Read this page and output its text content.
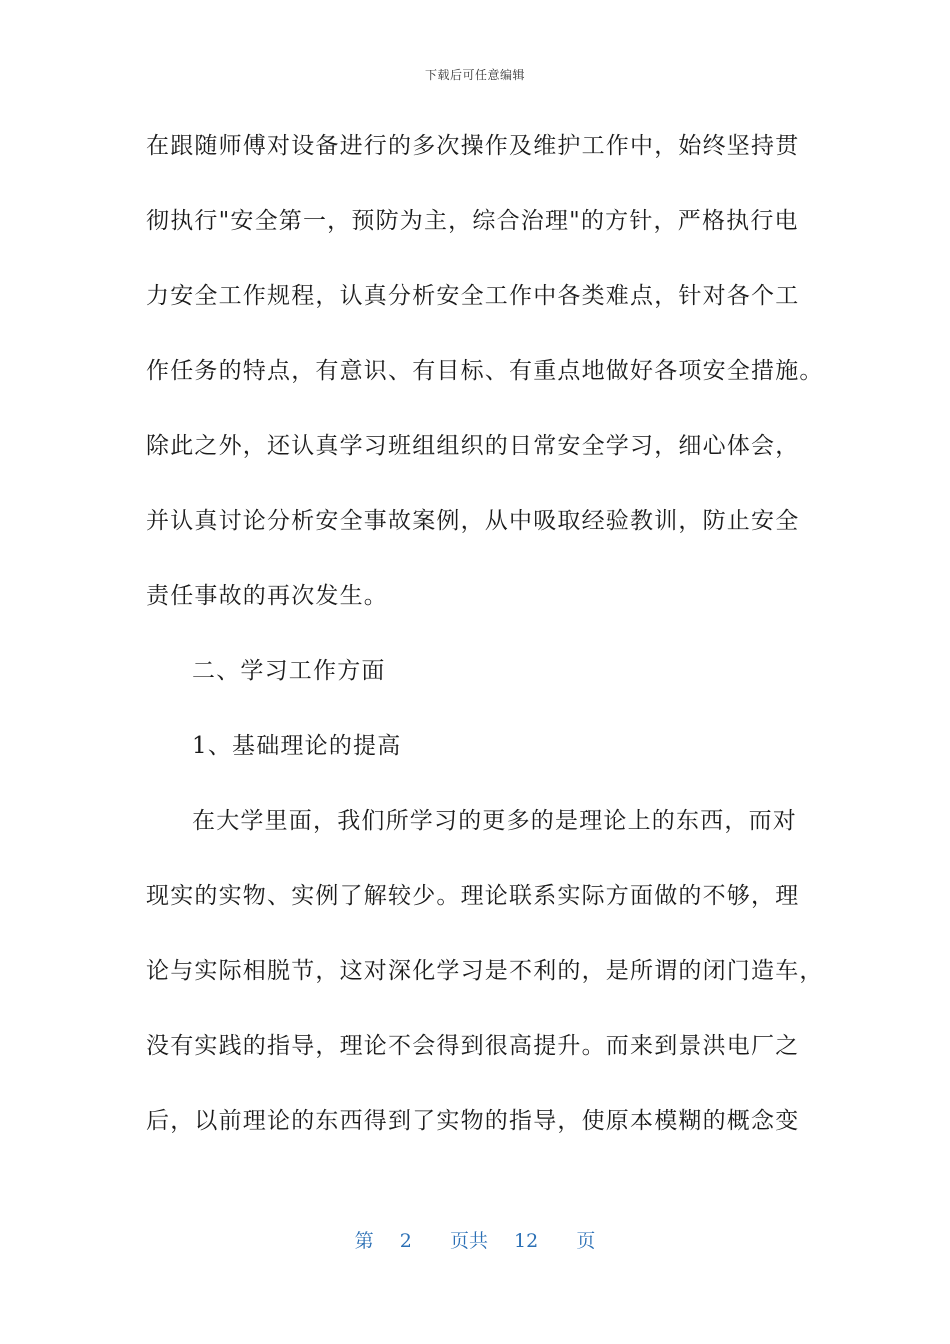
下载后可任意编辑
在跟随师傅对设备进行的多次操作及维护工作中，始终坚持贯
彻执行"安全第一，预防为主，综合治理"的方针，严格执行电
力安全工作规程，认真分析安全工作中各类难点，针对各个工
作任务的特点，有意识、有目标、有重点地做好各项安全措施。
除此之外，还认真学习班组组织的日常安全学习，细心体会，
并认真讨论分析安全事故案例，从中吸取经验教训，防止安全
责任事故的再次发生。
二、学习工作方面
1、基础理论的提高
在大学里面，我们所学习的更多的是理论上的东西，而对
现实的实物、实例了解较少。理论联系实际方面做的不够，理
论与实际相脱节，这对深化学习是不利的，是所谓的闭门造车，
没有实践的指导，理论不会得到很高提升。而来到景洪电厂之
后，以前理论的东西得到了实物的指导，使原本模糊的概念变
第 2 页共 12 页
